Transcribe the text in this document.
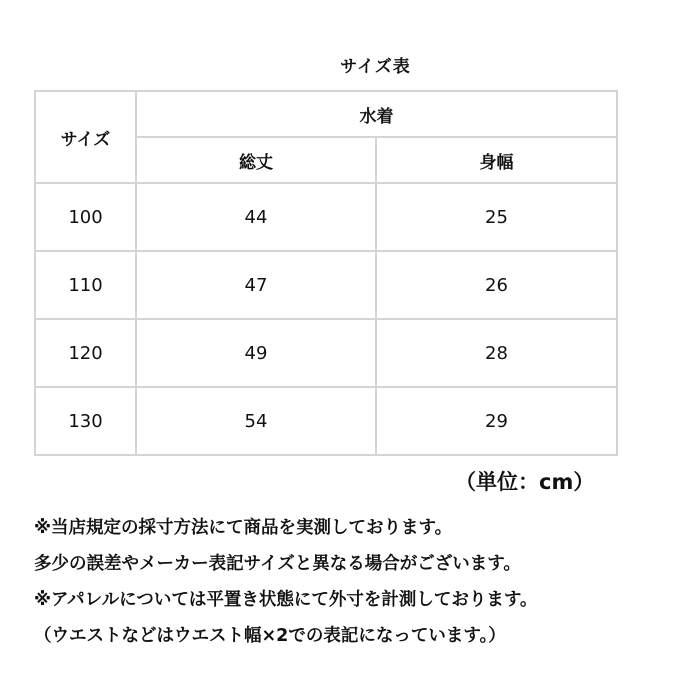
サイズ表
サイズ	水着	
	総丈	身幅
100	44	25
110	47	26
120	49	28
130	54	29
（単位：cm）
※当店規定の採寸方法にて商品を実測しております。
多少の誤差やメーカー表記サイズと異なる場合がございます。
※アパレルについては平置き状態にて外寸を計測しております。
（ウエストなどはウエスト幅×2での表記になっています。）
